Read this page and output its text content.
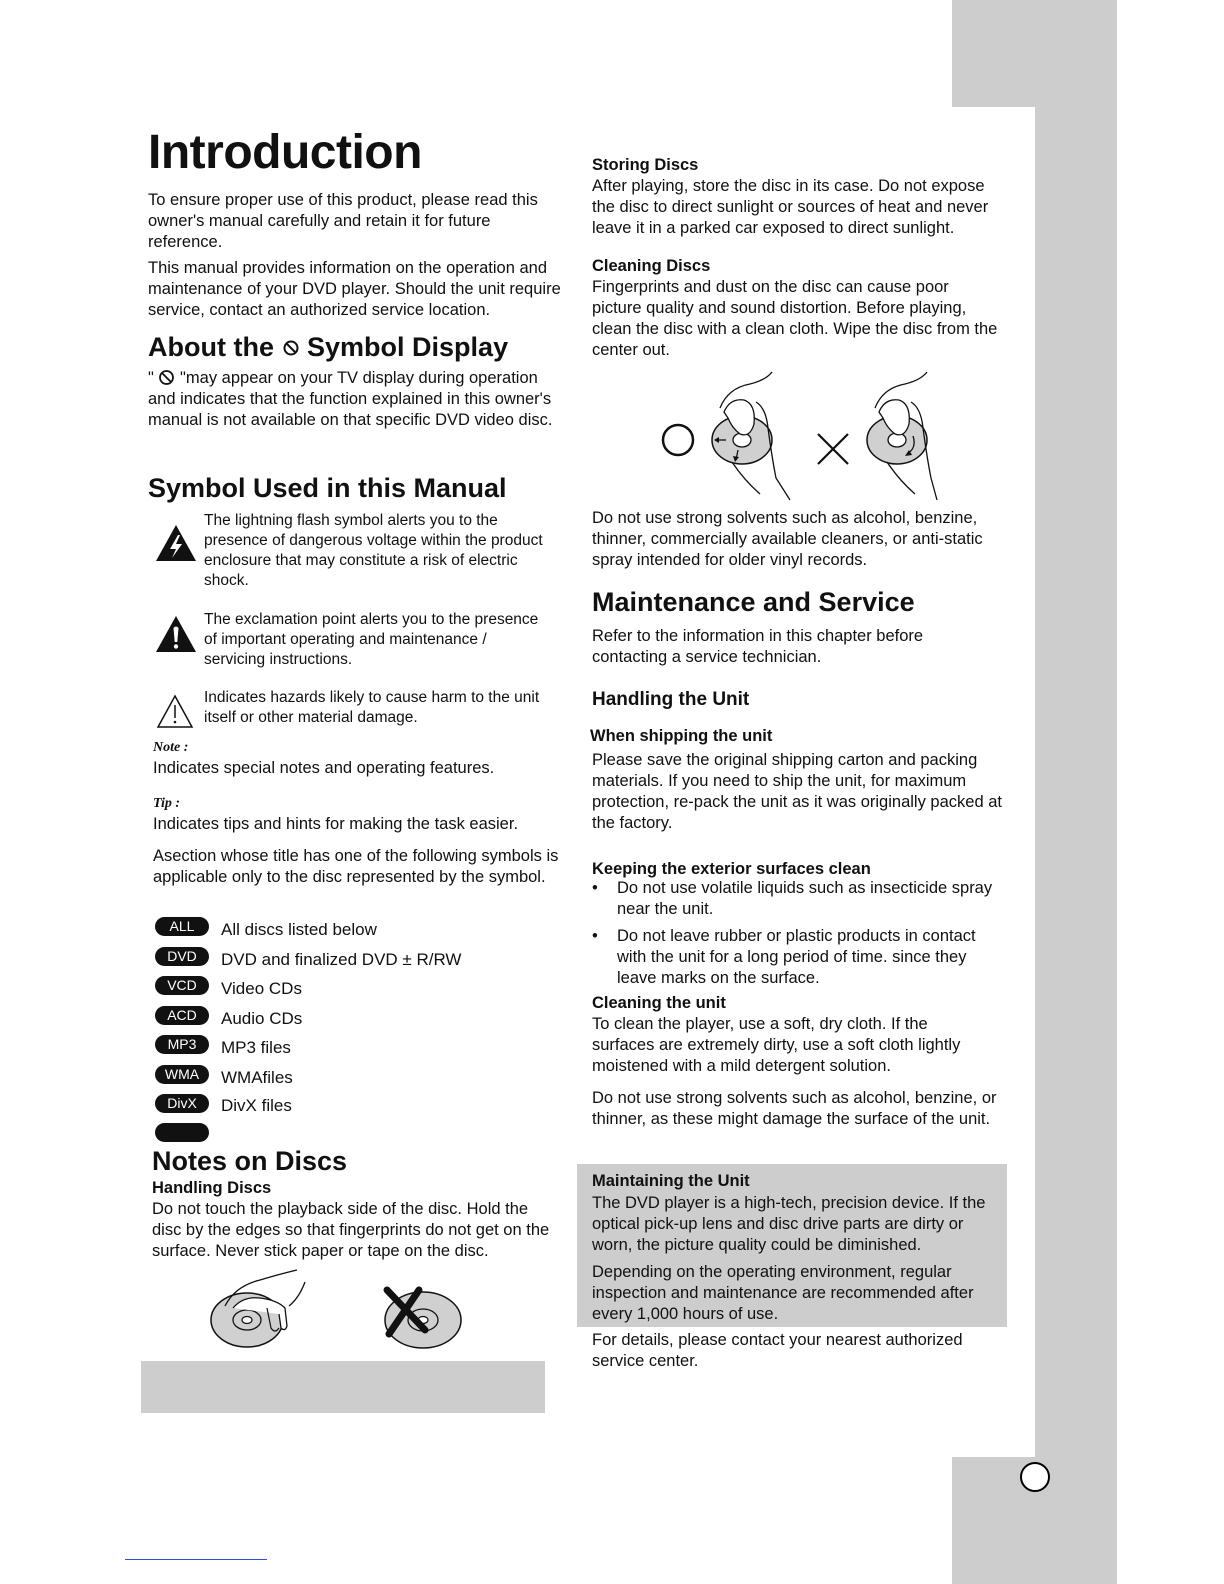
Introduction
To ensure proper use of this product, please read this owner's manual carefully and retain it for future reference.
This manual provides information on the operation and maintenance of your DVD player. Should the unit require service, contact an authorized service location.
About the Symbol Display
" "may appear on your TV display during operation and indicates that the function explained in this owner's manual is not available on that specific DVD video disc.
Symbol Used in this Manual
The lightning flash symbol alerts you to the presence of dangerous voltage within the product enclosure that may constitute a risk of electric shock.
The exclamation point alerts you to the presence of important operating and maintenance / servicing instructions.
Indicates hazards likely to cause harm to the unit itself or other material damage.
Note :
Indicates special notes and operating features.
Tip :
Indicates tips and hints for making the task easier.
Asection whose title has one of the following symbols is applicable only to the disc represented by the symbol.
ALL	All discs listed below
DVD	DVD and finalized DVD ± R/RW
VCD	Video CDs
ACD	Audio CDs
MP3	MP3 files
WMA	WMAfiles
DivX	DivX files
Notes on Discs
Handling Discs
Do not touch the playback side of the disc. Hold the disc by the edges so that fingerprints do not get on the surface. Never stick paper or tape on the disc.
Storing Discs
After playing, store the disc in its case. Do not expose the disc to direct sunlight or sources of heat and never leave it in a parked car exposed to direct sunlight.
Cleaning Discs
Fingerprints and dust on the disc can cause poor picture quality and sound distortion. Before playing, clean the disc with a clean cloth. Wipe the disc from the center out.
Do not use strong solvents such as alcohol, benzine, thinner, commercially available cleaners, or anti-static spray intended for older vinyl records.
Maintenance and Service
Refer to the information in this chapter before contacting a service technician.
Handling the Unit
When shipping the unit
Please save the original shipping carton and packing materials. If you need to ship the unit, for maximum protection, re-pack the unit as it was originally packed at the factory.
Keeping the exterior surfaces clean
• Do not use volatile liquids such as insecticide spray near the unit.
• Do not leave rubber or plastic products in contact with the unit for a long period of time. since they leave marks on the surface.
Cleaning the unit
To clean the player, use a soft, dry cloth. If the surfaces are extremely dirty, use a soft cloth lightly moistened with a mild detergent solution.
Do not use strong solvents such as alcohol, benzine, or thinner, as these might damage the surface of the unit.
Maintaining the Unit
The DVD player is a high-tech, precision device. If the optical pick-up lens and disc drive parts are dirty or worn, the picture quality could be diminished.
Depending on the operating environment, regular inspection and maintenance are recommended after every 1,000 hours of use.
For details, please contact your nearest authorized service center.
